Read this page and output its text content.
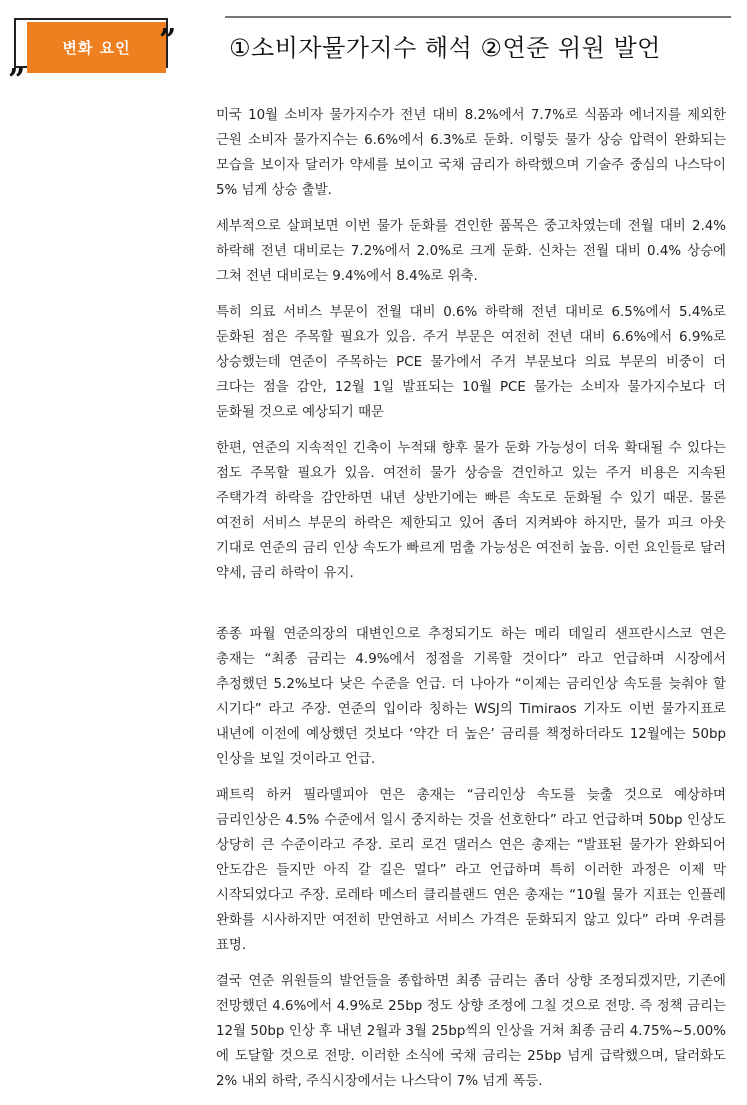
변화 요인 ”
”
①소비자물가지수 해석 ②연준 위원 발언

미국 10월 소비자 물가지수가 전년 대비 8.2%에서 7.7%로 식품과 에너지를 제외한 근원 소비자 물가지수는 6.6%에서 6.3%로 둔화. 이렇듯 물가 상승 압력이 완화되는 모습을 보이자 달러가 약세를 보이고 국채 금리가 하락했으며 기술주 중심의 나스닥이 5% 넘게 상승 출발.

세부적으로 살펴보면 이번 물가 둔화를 견인한 품목은 중고차였는데 전월 대비 2.4% 하락해 전년 대비로는 7.2%에서 2.0%로 크게 둔화. 신차는 전월 대비 0.4% 상승에 그쳐 전년 대비로는 9.4%에서 8.4%로 위축.

특히 의료 서비스 부문이 전월 대비 0.6% 하락해 전년 대비로 6.5%에서 5.4%로 둔화된 점은 주목할 필요가 있음. 주거 부문은 여전히 전년 대비 6.6%에서 6.9%로 상승했는데 연준이 주목하는 PCE 물가에서 주거 부문보다 의료 부문의 비중이 더 크다는 점을 감안, 12월 1일 발표되는 10월 PCE 물가는 소비자 물가지수보다 더 둔화될 것으로 예상되기 때문

한편, 연준의 지속적인 긴축이 누적돼 향후 물가 둔화 가능성이 더욱 확대될 수 있다는 점도 주목할 필요가 있음. 여전히 물가 상승을 견인하고 있는 주거 비용은 지속된 주택가격 하락을 감안하면 내년 상반기에는 빠른 속도로 둔화될 수 있기 때문. 물론 여전히 서비스 부문의 하락은 제한되고 있어 좀더 지켜봐야 하지만, 물가 피크 아웃 기대로 연준의 금리 인상 속도가 빠르게 멈출 가능성은 여전히 높음. 이런 요인들로 달러 약세, 금리 하락이 유지.

종종 파월 연준의장의 대변인으로 추정되기도 하는 메리 데일리 샌프란시스코 연은 총재는 “최종 금리는 4.9%에서 정점을 기록할 것이다” 라고 언급하며 시장에서 추정했던 5.2%보다 낮은 수준을 언급. 더 나아가 “이제는 금리인상 속도를 늦춰야 할 시기다” 라고 주장. 연준의 입이라 칭하는 WSJ의 Timiraos 기자도 이번 물가지표로 내년에 이전에 예상했던 것보다 ‘약간 더 높은’ 금리를 책정하더라도 12월에는 50bp 인상을 보일 것이라고 언급.

패트릭 하커 필라델피아 연은 총재는 “금리인상 속도를 늦출 것으로 예상하며 금리인상은 4.5% 수준에서 일시 중지하는 것을 선호한다” 라고 언급하며 50bp 인상도 상당히 큰 수준이라고 주장. 로리 로건 댈러스 연은 총재는 “발표된 물가가 완화되어 안도감은 들지만 아직 갈 길은 멀다” 라고 언급하며 특히 이러한 과정은 이제 막 시작되었다고 주장. 로레타 메스터 클리블랜드 연은 총재는 “10월 물가 지표는 인플레 완화를 시사하지만 여전히 만연하고 서비스 가격은 둔화되지 않고 있다” 라며 우려를 표명.

결국 연준 위원들의 발언들을 종합하면 최종 금리는 좀더 상향 조정되겠지만, 기존에 전망했던 4.6%에서 4.9%로 25bp 정도 상향 조정에 그칠 것으로 전망. 즉 정책 금리는 12월 50bp 인상 후 내년 2월과 3월 25bp씩의 인상을 거쳐 최종 금리 4.75%~5.00%에 도달할 것으로 전망. 이러한 소식에 국채 금리는 25bp 넘게 급락했으며, 달러화도 2% 내외 하락, 주식시장에서는 나스닥이 7% 넘게 폭등.
